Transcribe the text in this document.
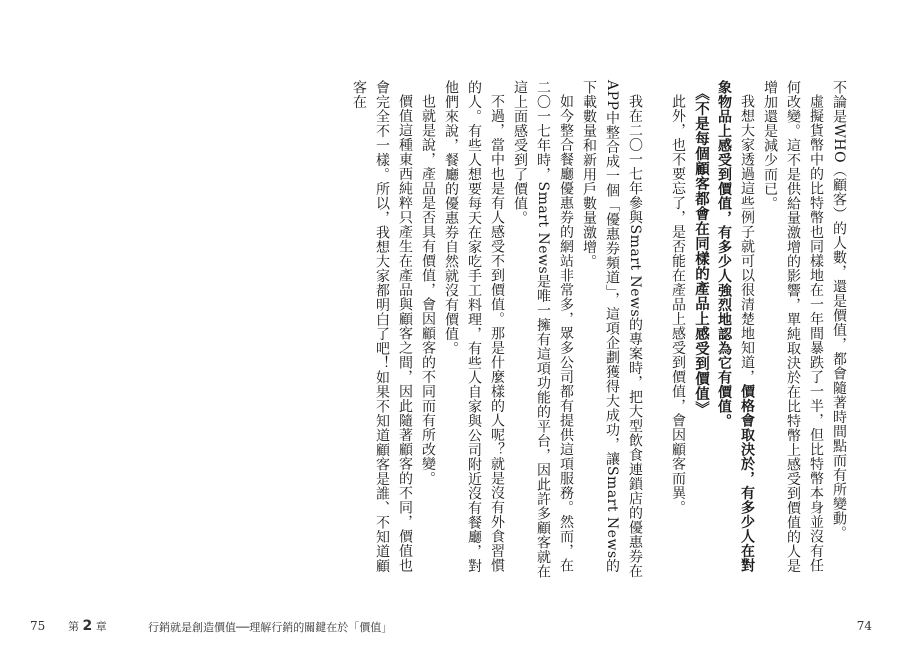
不論是WHO（顧客）的人數，還是價值，都會隨著時間點而有所變動。

虛擬貨幣中的比特幣也同樣地在一年間暴跌了一半，但比特幣本身並沒有任何改變。這不是供給量激增的影響，單純取決於在比特幣上感受到價值的人是增加還是減少而已。

我想大家透過這些例子就可以很清楚地知道，價格會取決於，有多少人在對象物品上感受到價值，有多少人強烈地認為它有價值。

《不是每個顧客都會在同樣的產品上感受到價值》

此外，也不要忘了，是否能在產品上感受到價值，會因顧客而異。

我在二〇一七年參與Smart News的專案時，把大型飲食連鎖店的優惠券在APP中整合成一個「優惠券頻道」，這項企劃獲得大成功，讓Smart News的下載數量和新用戶數量激增。

如今整合餐廳優惠券的網站非常多，眾多公司都有提供這項服務。然而，在二〇一七年時，Smart News是唯一擁有這項功能的平台，因此許多顧客就在這上面感受到了價值。

不過，當中也是有人感受不到價值。那是什麼樣的人呢？就是沒有外食習慣的人。有些人想要每天在家吃手工料理，有些人自家與公司附近沒有餐廳，對他們來說，餐廳的優惠券自然就沒有價值。

也就是說，產品是否具有價值，會因顧客的不同而有所改變。

價值這種東西純粹只產生在產品與顧客之間，因此隨著顧客的不同，價值也會完全不一樣。所以，我想大家都明白了吧！如果不知道顧客是誰、不知道顧客在

75 第 2 章	行銷就是創造價值──理解行銷的關鍵在於「價值」	74
